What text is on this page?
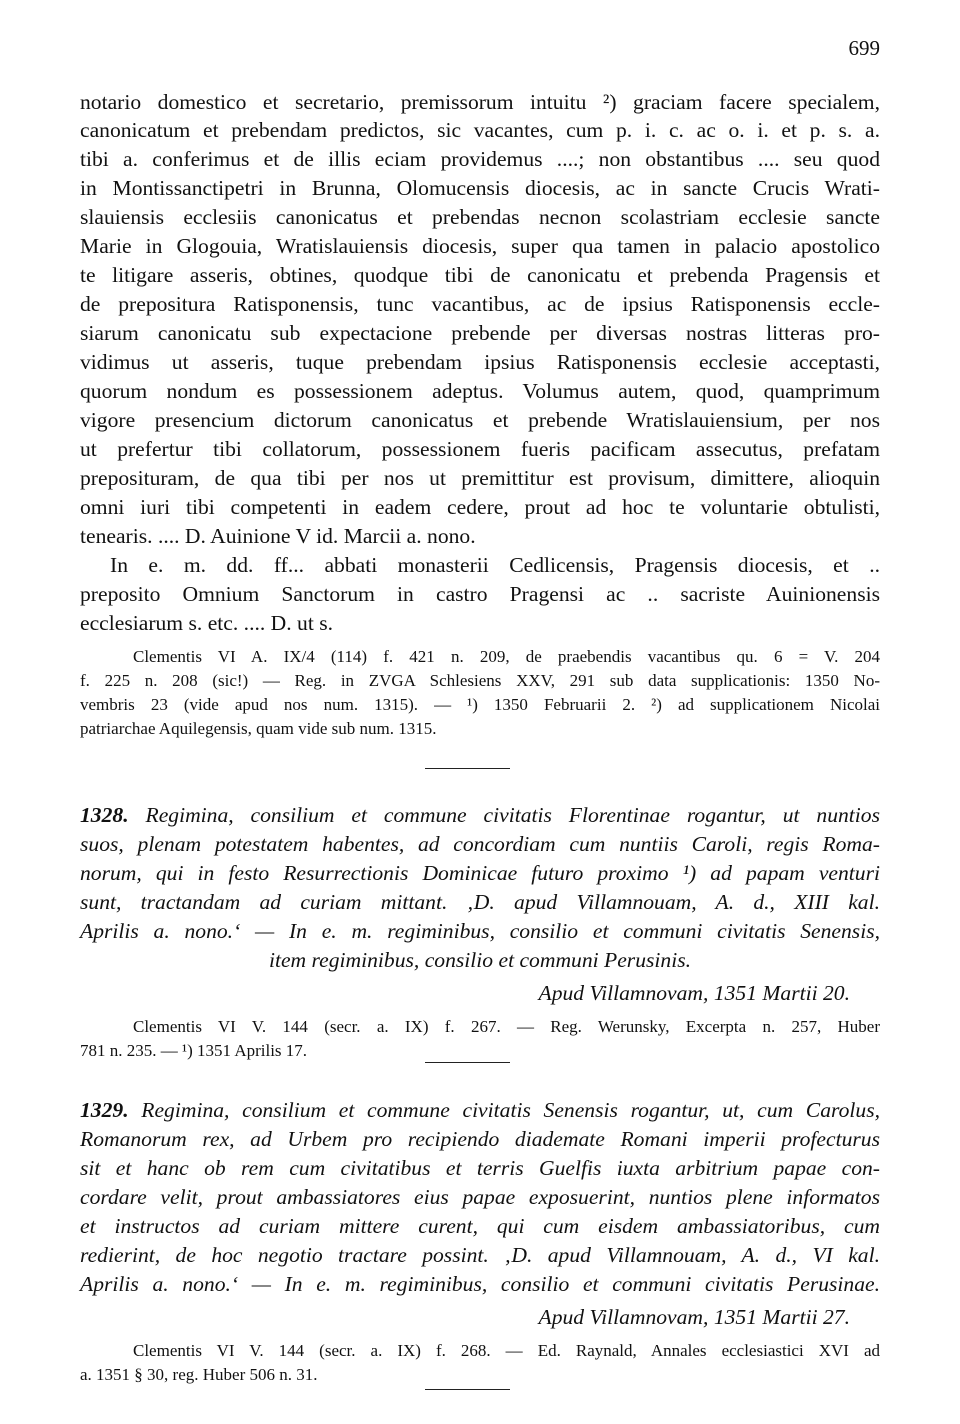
699
notario domestico et secretario, premissorum intuitu ²) graciam facere specialem,
canonicatum et prebendam predictos, sic vacantes, cum p. i. c. ac o. i. et p. s. a.
tibi a. conferimus et de illis eciam providemus ....; non obstantibus .... seu quod
in Montissanctipetri in Brunna, Olomucensis diocesis, ac in sancte Crucis Wrati-
slauiensis ecclesiis canonicatus et prebendas necnon scolastriam ecclesie sancte
Marie in Glogouia, Wratislauiensis diocesis, super qua tamen in palacio apostolico
te litigare asseris, obtines, quodque tibi de canonicatu et prebenda Pragensis et
de prepositura Ratisponensis, tunc vacantibus, ac de ipsius Ratisponensis eccle-
siarum canonicatu sub expectacione prebende per diversas nostras litteras pro-
vidimus ut asseris, tuque prebendam ipsius Ratisponensis ecclesie acceptasti,
quorum nondum es possessionem adeptus. Volumus autem, quod, quamprimum
vigore presencium dictorum canonicatus et prebende Wratislauiensium, per nos
ut prefertur tibi collatorum, possessionem fueris pacificam assecutus, prefatam
preposituram, de qua tibi per nos ut premittitur est provisum, dimittere, alioquin
omni iuri tibi competenti in eadem cedere, prout ad hoc te voluntarie obtulisti,
tenearis. .... D. Auinione V id. Marcii a. nono.
In e. m. dd. ff... abbati monasterii Cedlicensis, Pragensis diocesis, et ..
preposito Omnium Sanctorum in castro Pragensi ac .. sacriste Auinionensis
ecclesiarum s. etc. .... D. ut s.
Clementis VI A. IX/4 (114) f. 421 n. 209, de praebendis vacantibus qu. 6 = V. 204
f. 225 n. 208 (sic!) — Reg. in ZVGA Schlesiens XXV, 291 sub data supplicationis: 1350 No-
vembris 23 (vide apud nos num. 1315). — ¹) 1350 Februarii 2. ²) ad supplicationem Nicolai
patriarchae Aquilegensis, quam vide sub num. 1315.
1328. Regimina, consilium et commune civitatis Florentinae rogantur, ut nuntios
suos, plenam potestatem habentes, ad concordiam cum nuntiis Caroli, regis Roma-
norum, qui in festo Resurrectionis Dominicae futuro proximo ¹) ad papam venturi
sunt, tractandam ad curiam mittant. ‚D. apud Villamnouam, A. d., XIII kal.
Aprilis a. nono.‘ — In e. m. regiminibus, consilio et communi civitatis Senensis,
item regiminibus, consilio et communi Perusinis.
Apud Villamnovam, 1351 Martii 20.
Clementis VI V. 144 (secr. a. IX) f. 267. — Reg. Werunsky, Excerpta n. 257, Huber
781 n. 235. — ¹) 1351 Aprilis 17.
1329. Regimina, consilium et commune civitatis Senensis rogantur, ut, cum Carolus,
Romanorum rex, ad Urbem pro recipiendo diademate Romani imperii profecturus
sit et hanc ob rem cum civitatibus et terris Guelfis iuxta arbitrium papae con-
cordare velit, prout ambassiatores eius papae exposuerint, nuntios plene informatos
et instructos ad curiam mittere curent, qui cum eisdem ambassiatoribus, cum
redierint, de hoc negotio tractare possint. ‚D. apud Villamnouam, A. d., VI kal.
Aprilis a. nono.‘ — In e. m. regiminibus, consilio et communi civitatis Perusinae.
Apud Villamnovam, 1351 Martii 27.
Clementis VI V. 144 (secr. a. IX) f. 268. — Ed. Raynald, Annales ecclesiastici XVI ad
a. 1351 § 30, reg. Huber 506 n. 31.
